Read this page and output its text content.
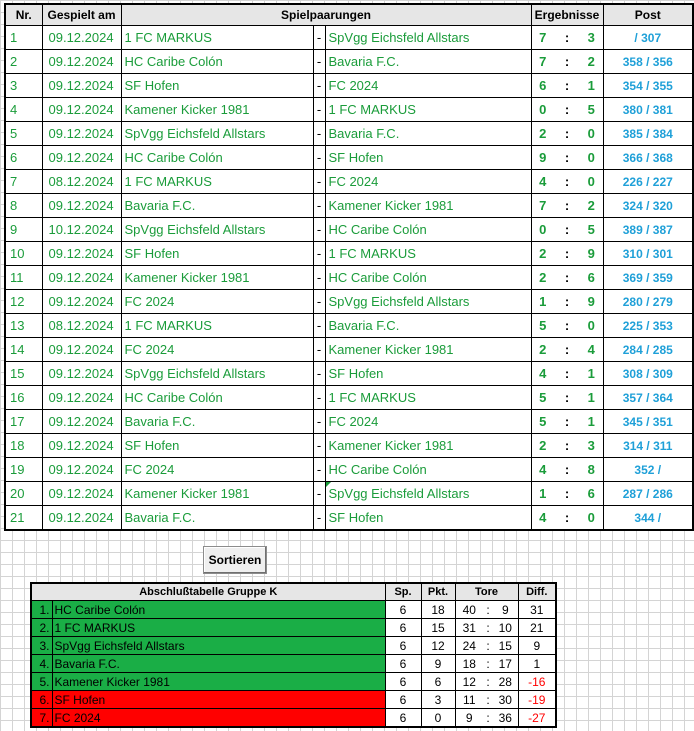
Nr.	Gespielt am	Spielpaarungen			Ergebnisse			Post
1	09.12.2024	1 FC MARKUS	-	SpVgg Eichsfeld Allstars	7	:	3	/ 307
2	09.12.2024	HC Caribe Colón	-	Bavaria F.C.	7	:	2	358 / 356
3	09.12.2024	SF Hofen	-	FC 2024	6	:	1	354 / 355
4	09.12.2024	Kamener Kicker 1981	-	1 FC MARKUS	0	:	5	380 / 381
5	09.12.2024	SpVgg Eichsfeld Allstars	-	Bavaria F.C.	2	:	0	385 / 384
6	09.12.2024	HC Caribe Colón	-	SF Hofen	9	:	0	366 / 368
7	08.12.2024	1 FC MARKUS	-	FC 2024	4	:	0	226 / 227
8	09.12.2024	Bavaria F.C.	-	Kamener Kicker 1981	7	:	2	324 / 320
9	10.12.2024	SpVgg Eichsfeld Allstars	-	HC Caribe Colón	0	:	5	389 / 387
10	09.12.2024	SF Hofen	-	1 FC MARKUS	2	:	9	310 / 301
11	09.12.2024	Kamener Kicker 1981	-	HC Caribe Colón	2	:	6	369 / 359
12	09.12.2024	FC 2024	-	SpVgg Eichsfeld Allstars	1	:	9	280 / 279
13	08.12.2024	1 FC MARKUS	-	Bavaria F.C.	5	:	0	225 / 353
14	09.12.2024	FC 2024	-	Kamener Kicker 1981	2	:	4	284 / 285
15	09.12.2024	SpVgg Eichsfeld Allstars	-	SF Hofen	4	:	1	308 / 309
16	09.12.2024	HC Caribe Colón	-	1 FC MARKUS	5	:	1	357 / 364
17	09.12.2024	Bavaria F.C.	-	FC 2024	5	:	1	345 / 351
18	09.12.2024	SF Hofen	-	Kamener Kicker 1981	2	:	3	314 / 311
19	09.12.2024	FC 2024	-	HC Caribe Colón	4	:	8	352 /
20	09.12.2024	Kamener Kicker 1981	-	SpVgg Eichsfeld Allstars	1	:	6	287 / 286
21	09.12.2024	Bavaria F.C.	-	SF Hofen	4	:	0	344 /
Sortieren
Abschlußtabelle Gruppe K		Sp.	Pkt.	Tore			Diff.
1.	HC Caribe Colón	6	18	40	:	9	31
2.	1 FC MARKUS	6	15	31	:	10	21
3.	SpVgg Eichsfeld Allstars	6	12	24	:	15	9
4.	Bavaria F.C.	6	9	18	:	17	1
5.	Kamener Kicker 1981	6	6	12	:	28	-16
6.	SF Hofen	6	3	11	:	30	-19
7.	FC 2024	6	0	9	:	36	-27
